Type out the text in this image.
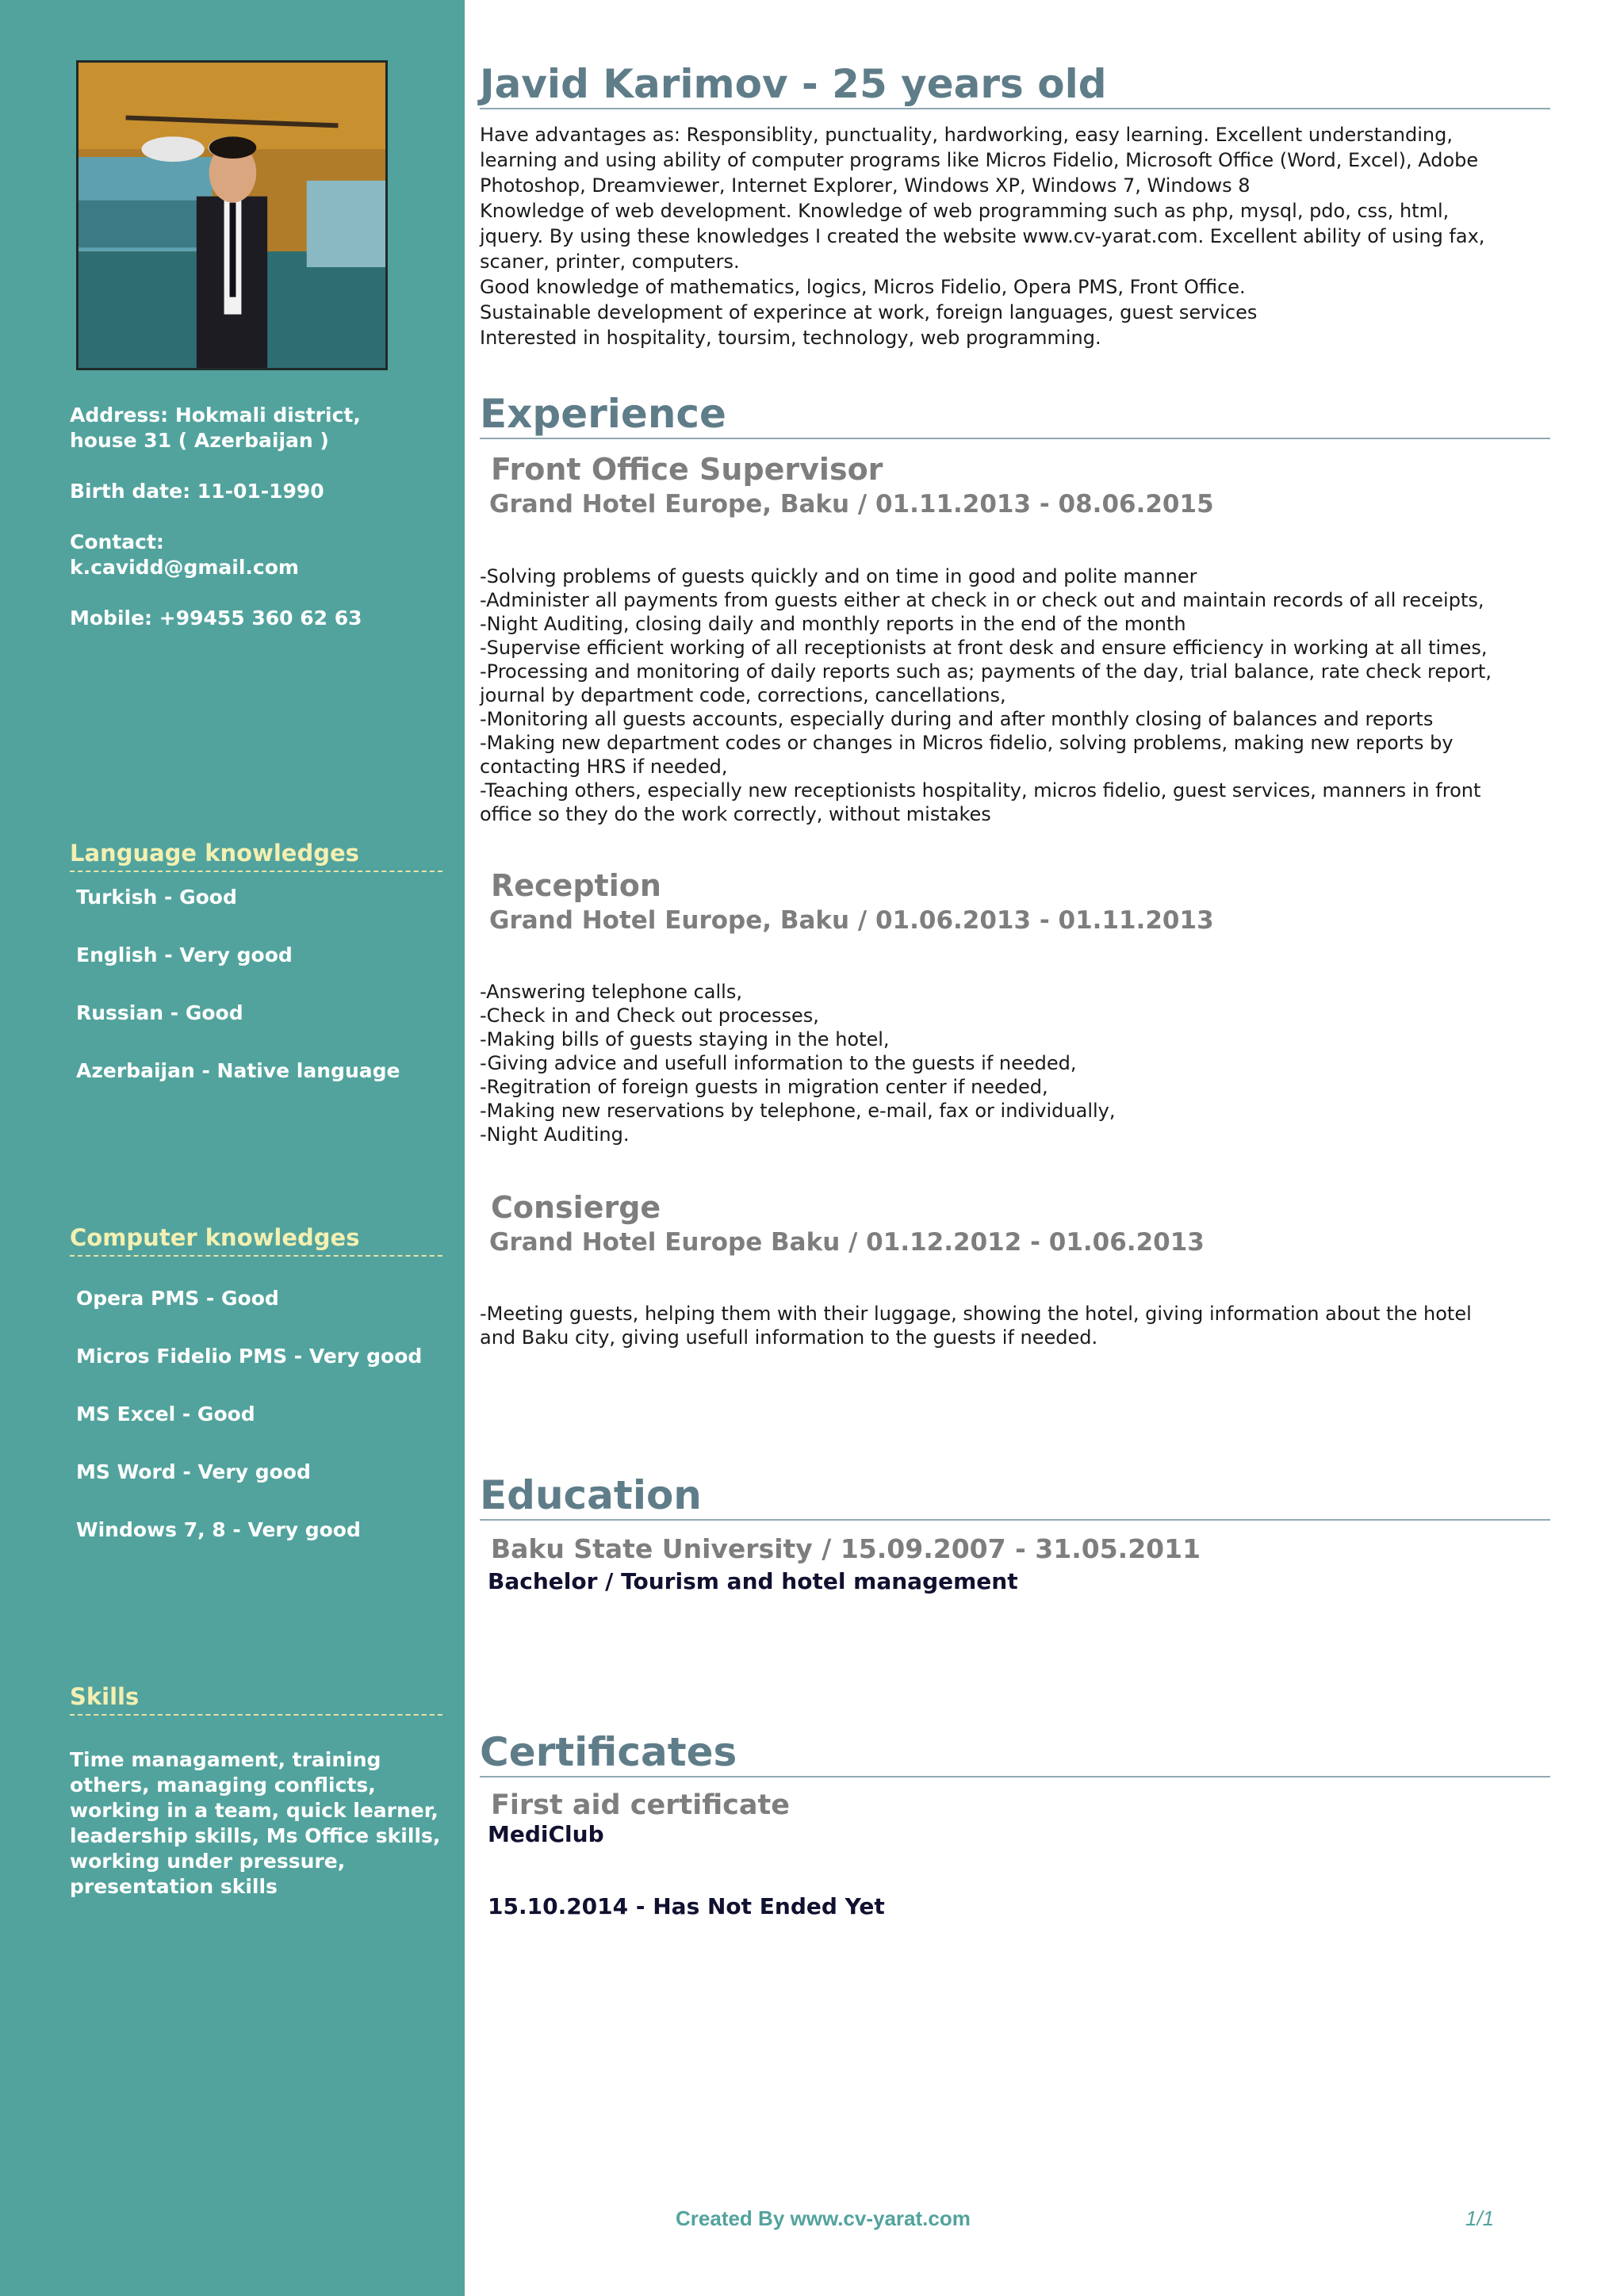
Address: Hokmali district,
house 31 ( Azerbaijan )
Birth date: 11-01-1990
Contact:
k.cavidd@gmail.com
Mobile: +99455 360 62 63
Language knowledges
Turkish - Good
English - Very good
Russian - Good
Azerbaijan - Native language
Computer knowledges
Opera PMS - Good
Micros Fidelio PMS - Very good
MS Excel - Good
MS Word - Very good
Windows 7, 8 - Very good
Skills
Time managament, training
others, managing conflicts,
working in a team, quick learner,
leadership skills, Ms Office skills,
working under pressure,
presentation skills
Javid Karimov - 25 years old
Have advantages as: Responsiblity, punctuality, hardworking, easy learning. Excellent understanding,
learning and using ability of computer programs like Micros Fidelio, Microsoft Office (Word, Excel), Adobe
Photoshop, Dreamviewer, Internet Explorer, Windows XP, Windows 7, Windows 8
Knowledge of web development. Knowledge of web programming such as php, mysql, pdo, css, html,
jquery. By using these knowledges I created the website www.cv-yarat.com. Excellent ability of using fax,
scaner, printer, computers.
Good knowledge of mathematics, logics, Micros Fidelio, Opera PMS, Front Office.
Sustainable development of experince at work, foreign languages, guest services
Interested in hospitality, toursim, technology, web programming.
Experience
Front Office Supervisor
Grand Hotel Europe, Baku / 01.11.2013 - 08.06.2015
-Solving problems of guests quickly and on time in good and polite manner
-Administer all payments from guests either at check in or check out and maintain records of all receipts,
-Night Auditing, closing daily and monthly reports in the end of the month
-Supervise efficient working of all receptionists at front desk and ensure efficiency in working at all times,
-Processing and monitoring of daily reports such as; payments of the day, trial balance, rate check report,
journal by department code, corrections, cancellations,
-Monitoring all guests accounts, especially during and after monthly closing of balances and reports
-Making new department codes or changes in Micros fidelio, solving problems, making new reports by
contacting HRS if needed,
-Teaching others, especially new receptionists hospitality, micros fidelio, guest services, manners in front
office so they do the work correctly, without mistakes
Reception
Grand Hotel Europe, Baku / 01.06.2013 - 01.11.2013
-Answering telephone calls,
-Check in and Check out processes,
-Making bills of guests staying in the hotel,
-Giving advice and usefull information to the guests if needed,
-Regitration of foreign guests in migration center if needed,
-Making new reservations by telephone, e-mail, fax or individually,
-Night Auditing.
Consierge
Grand Hotel Europe Baku / 01.12.2012 - 01.06.2013
-Meeting guests, helping them with their luggage, showing the hotel, giving information about the hotel
and Baku city, giving usefull information to the guests if needed.
Education
Baku State University / 15.09.2007 - 31.05.2011
Bachelor / Tourism and hotel management
Certificates
First aid certificate
MediClub
15.10.2014 - Has Not Ended Yet
Created By www.cv-yarat.com	1/1
